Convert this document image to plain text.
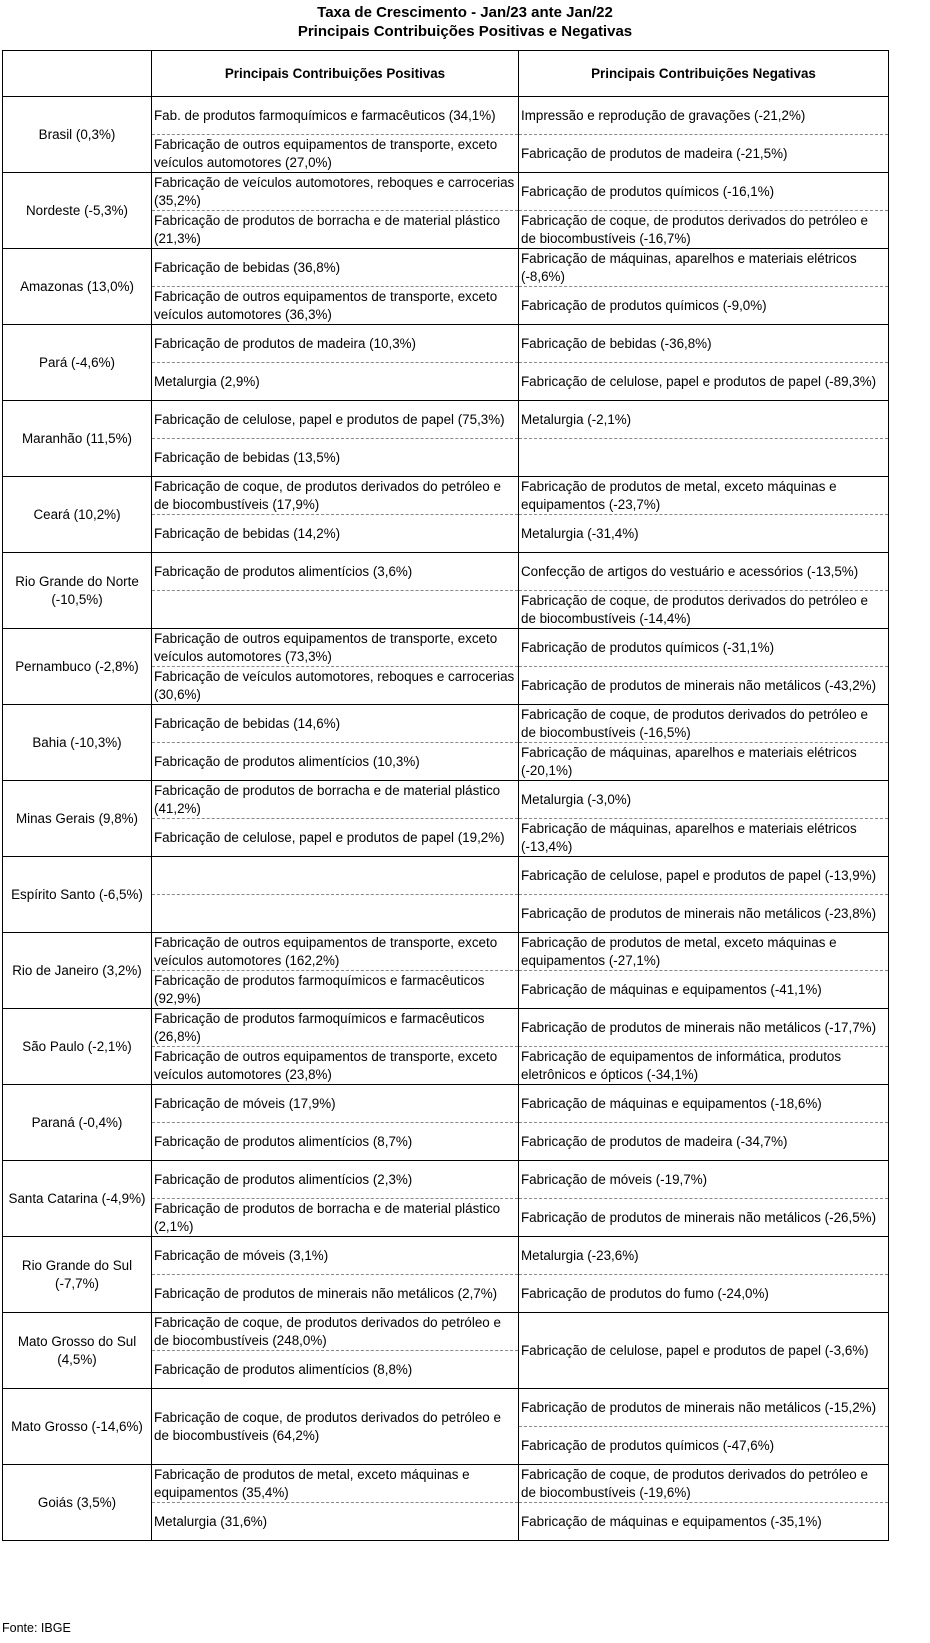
Taxa de Crescimento - Jan/23 ante Jan/22
Principais Contribuições Positivas e Negativas
	Principais Contribuições Positivas	Principais Contribuições Negativas
Brasil (0,3%)	Fab. de produtos farmoquímicos e farmacêuticos (34,1%)	Impressão e reprodução de gravações (-21,2%)
	Fabricação de outros equipamentos de transporte, exceto veículos automotores (27,0%)	Fabricação de produtos de madeira (-21,5%)
Nordeste (-5,3%)	Fabricação de veículos automotores, reboques e carrocerias (35,2%)	Fabricação de produtos químicos (-16,1%)
	Fabricação de produtos de borracha e de material plástico (21,3%)	Fabricação de coque, de produtos derivados do petróleo e de biocombustíveis (-16,7%)
Amazonas (13,0%)	Fabricação de bebidas (36,8%)	Fabricação de máquinas, aparelhos e materiais elétricos (-8,6%)
	Fabricação de outros equipamentos de transporte, exceto veículos automotores (36,3%)	Fabricação de produtos químicos (-9,0%)
Pará (-4,6%)	Fabricação de produtos de madeira (10,3%)	Fabricação de bebidas (-36,8%)
	Metalurgia (2,9%)	Fabricação de celulose, papel e produtos de papel (-89,3%)
Maranhão (11,5%)	Fabricação de celulose, papel e produtos de papel (75,3%)	Metalurgia (-2,1%)
	Fabricação de bebidas (13,5%)	
Ceará (10,2%)	Fabricação de coque, de produtos derivados do petróleo e de biocombustíveis (17,9%)	Fabricação de produtos de metal, exceto máquinas e equipamentos (-23,7%)
	Fabricação de bebidas (14,2%)	Metalurgia (-31,4%)
Rio Grande do Norte (-10,5%)	Fabricação de produtos alimentícios (3,6%)	Confecção de artigos do vestuário e acessórios (-13,5%)
		Fabricação de coque, de produtos derivados do petróleo e de biocombustíveis (-14,4%)
Pernambuco (-2,8%)	Fabricação de outros equipamentos de transporte, exceto veículos automotores (73,3%)	Fabricação de produtos químicos (-31,1%)
	Fabricação de veículos automotores, reboques e carrocerias (30,6%)	Fabricação de produtos de minerais não metálicos (-43,2%)
Bahia (-10,3%)	Fabricação de bebidas (14,6%)	Fabricação de coque, de produtos derivados do petróleo e de biocombustíveis (-16,5%)
	Fabricação de produtos alimentícios (10,3%)	Fabricação de máquinas, aparelhos e materiais elétricos (-20,1%)
Minas Gerais (9,8%)	Fabricação de produtos de borracha e de material plástico (41,2%)	Metalurgia (-3,0%)
	Fabricação de celulose, papel e produtos de papel (19,2%)	Fabricação de máquinas, aparelhos e materiais elétricos (-13,4%)
Espírito Santo (-6,5%)		Fabricação de celulose, papel e produtos de papel (-13,9%)
		Fabricação de produtos de minerais não metálicos (-23,8%)
Rio de Janeiro (3,2%)	Fabricação de outros equipamentos de transporte, exceto veículos automotores (162,2%)	Fabricação de produtos de metal, exceto máquinas e equipamentos (-27,1%)
	Fabricação de produtos farmoquímicos e farmacêuticos (92,9%)	Fabricação de máquinas e equipamentos (-41,1%)
São Paulo (-2,1%)	Fabricação de produtos farmoquímicos e farmacêuticos (26,8%)	Fabricação de produtos de minerais não metálicos (-17,7%)
	Fabricação de outros equipamentos de transporte, exceto veículos automotores (23,8%)	Fabricação de equipamentos de informática, produtos eletrônicos e ópticos (-34,1%)
Paraná (-0,4%)	Fabricação de móveis (17,9%)	Fabricação de máquinas e equipamentos (-18,6%)
	Fabricação de produtos alimentícios (8,7%)	Fabricação de produtos de madeira (-34,7%)
Santa Catarina (-4,9%)	Fabricação de produtos alimentícios (2,3%)	Fabricação de móveis (-19,7%)
	Fabricação de produtos de borracha e de material plástico (2,1%)	Fabricação de produtos de minerais não metálicos (-26,5%)
Rio Grande do Sul (-7,7%)	Fabricação de móveis (3,1%)	Metalurgia (-23,6%)
	Fabricação de produtos de minerais não metálicos (2,7%)	Fabricação de produtos do fumo (-24,0%)
Mato Grosso do Sul (4,5%)	Fabricação de coque, de produtos derivados do petróleo e de biocombustíveis (248,0%)	Fabricação de celulose, papel e produtos de papel (-3,6%)
	Fabricação de produtos alimentícios (8,8%)	
Mato Grosso (-14,6%)	Fabricação de coque, de produtos derivados do petróleo e de biocombustíveis (64,2%)	Fabricação de produtos de minerais não metálicos (-15,2%)
		Fabricação de produtos químicos (-47,6%)
Goiás (3,5%)	Fabricação de produtos de metal, exceto máquinas e equipamentos (35,4%)	Fabricação de coque, de produtos derivados do petróleo e de biocombustíveis (-19,6%)
	Metalurgia (31,6%)	Fabricação de máquinas e equipamentos (-35,1%)
Fonte: IBGE
